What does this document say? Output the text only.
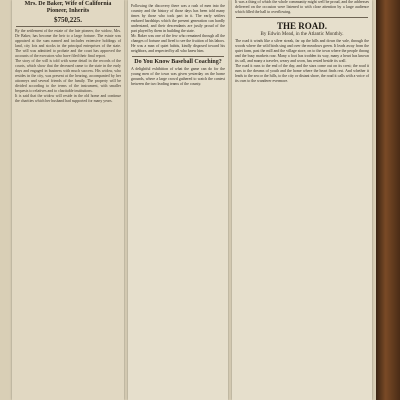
Mrs. De Baker, Wife of California Pioneer, Inherits
$750,225.

By the settlement of the estate of the late pioneer, the widow, Mrs. De Baker, has become the heir to a large fortune. The estate was appraised at the sum named and includes extensive holdings of land, city lots and stocks in the principal enterprises of the state. The will was admitted to probate and the court has approved the accounts of the executors who have filed their final report.

The story of the will is told with some detail in the records of the courts, which show that the deceased came to the state in the early days and engaged in business with much success. His widow, who resides in the city, was present at the hearing, accompanied by her attorneys and several friends of the family. The property will be divided according to the terms of the instrument, with smaller bequests to relatives and to charitable institutions.

It is said that the widow will reside in the old home and continue the charities which her husband had supported for many years.

Following the discovery there was a rush of men into the country and the history of those days has been told many times by those who took part in it. The early settlers endured hardships which the present generation can hardly understand, and their descendants are justly proud of the part played by them in building the state.

Mr. Baker was one of the few who remained through all the changes of fortune and lived to see the fruition of his labors. He was a man of quiet habits, kindly disposed toward his neighbors, and respected by all who knew him.

Do You Know Baseball Coaching?

A delightful exhibition of what the game can do for the young men of the town was given yesterday on the home grounds, where a large crowd gathered to watch the contest between the two leading teams of the county.

It was a thing of which the whole community might well be proud, and the addresses delivered on the occasion were listened to with close attention by a large audience which filled the hall to overflowing.

THE ROAD.
By Edwin Mead, in the Atlantic Monthly.

The road it winds like a silver streak, far up the hills and down the vale, through the woods where the wild birds sing and over the meadows green. It leads away from the quiet farm, past the mill and the village store, on to the town where the people throng and the busy markets roar. Many a foot has trodden its way, many a heart has known its call, and many a traveler, weary and worn, has rested beside its wall.

The road it runs to the end of the day, and the stars come out on its crest; the road it runs to the dreams of youth and the home where the heart finds rest. And whether it leads to the sea or the hills, to the city or distant shore, the road it calls with a voice of its own to the wanderer evermore.
